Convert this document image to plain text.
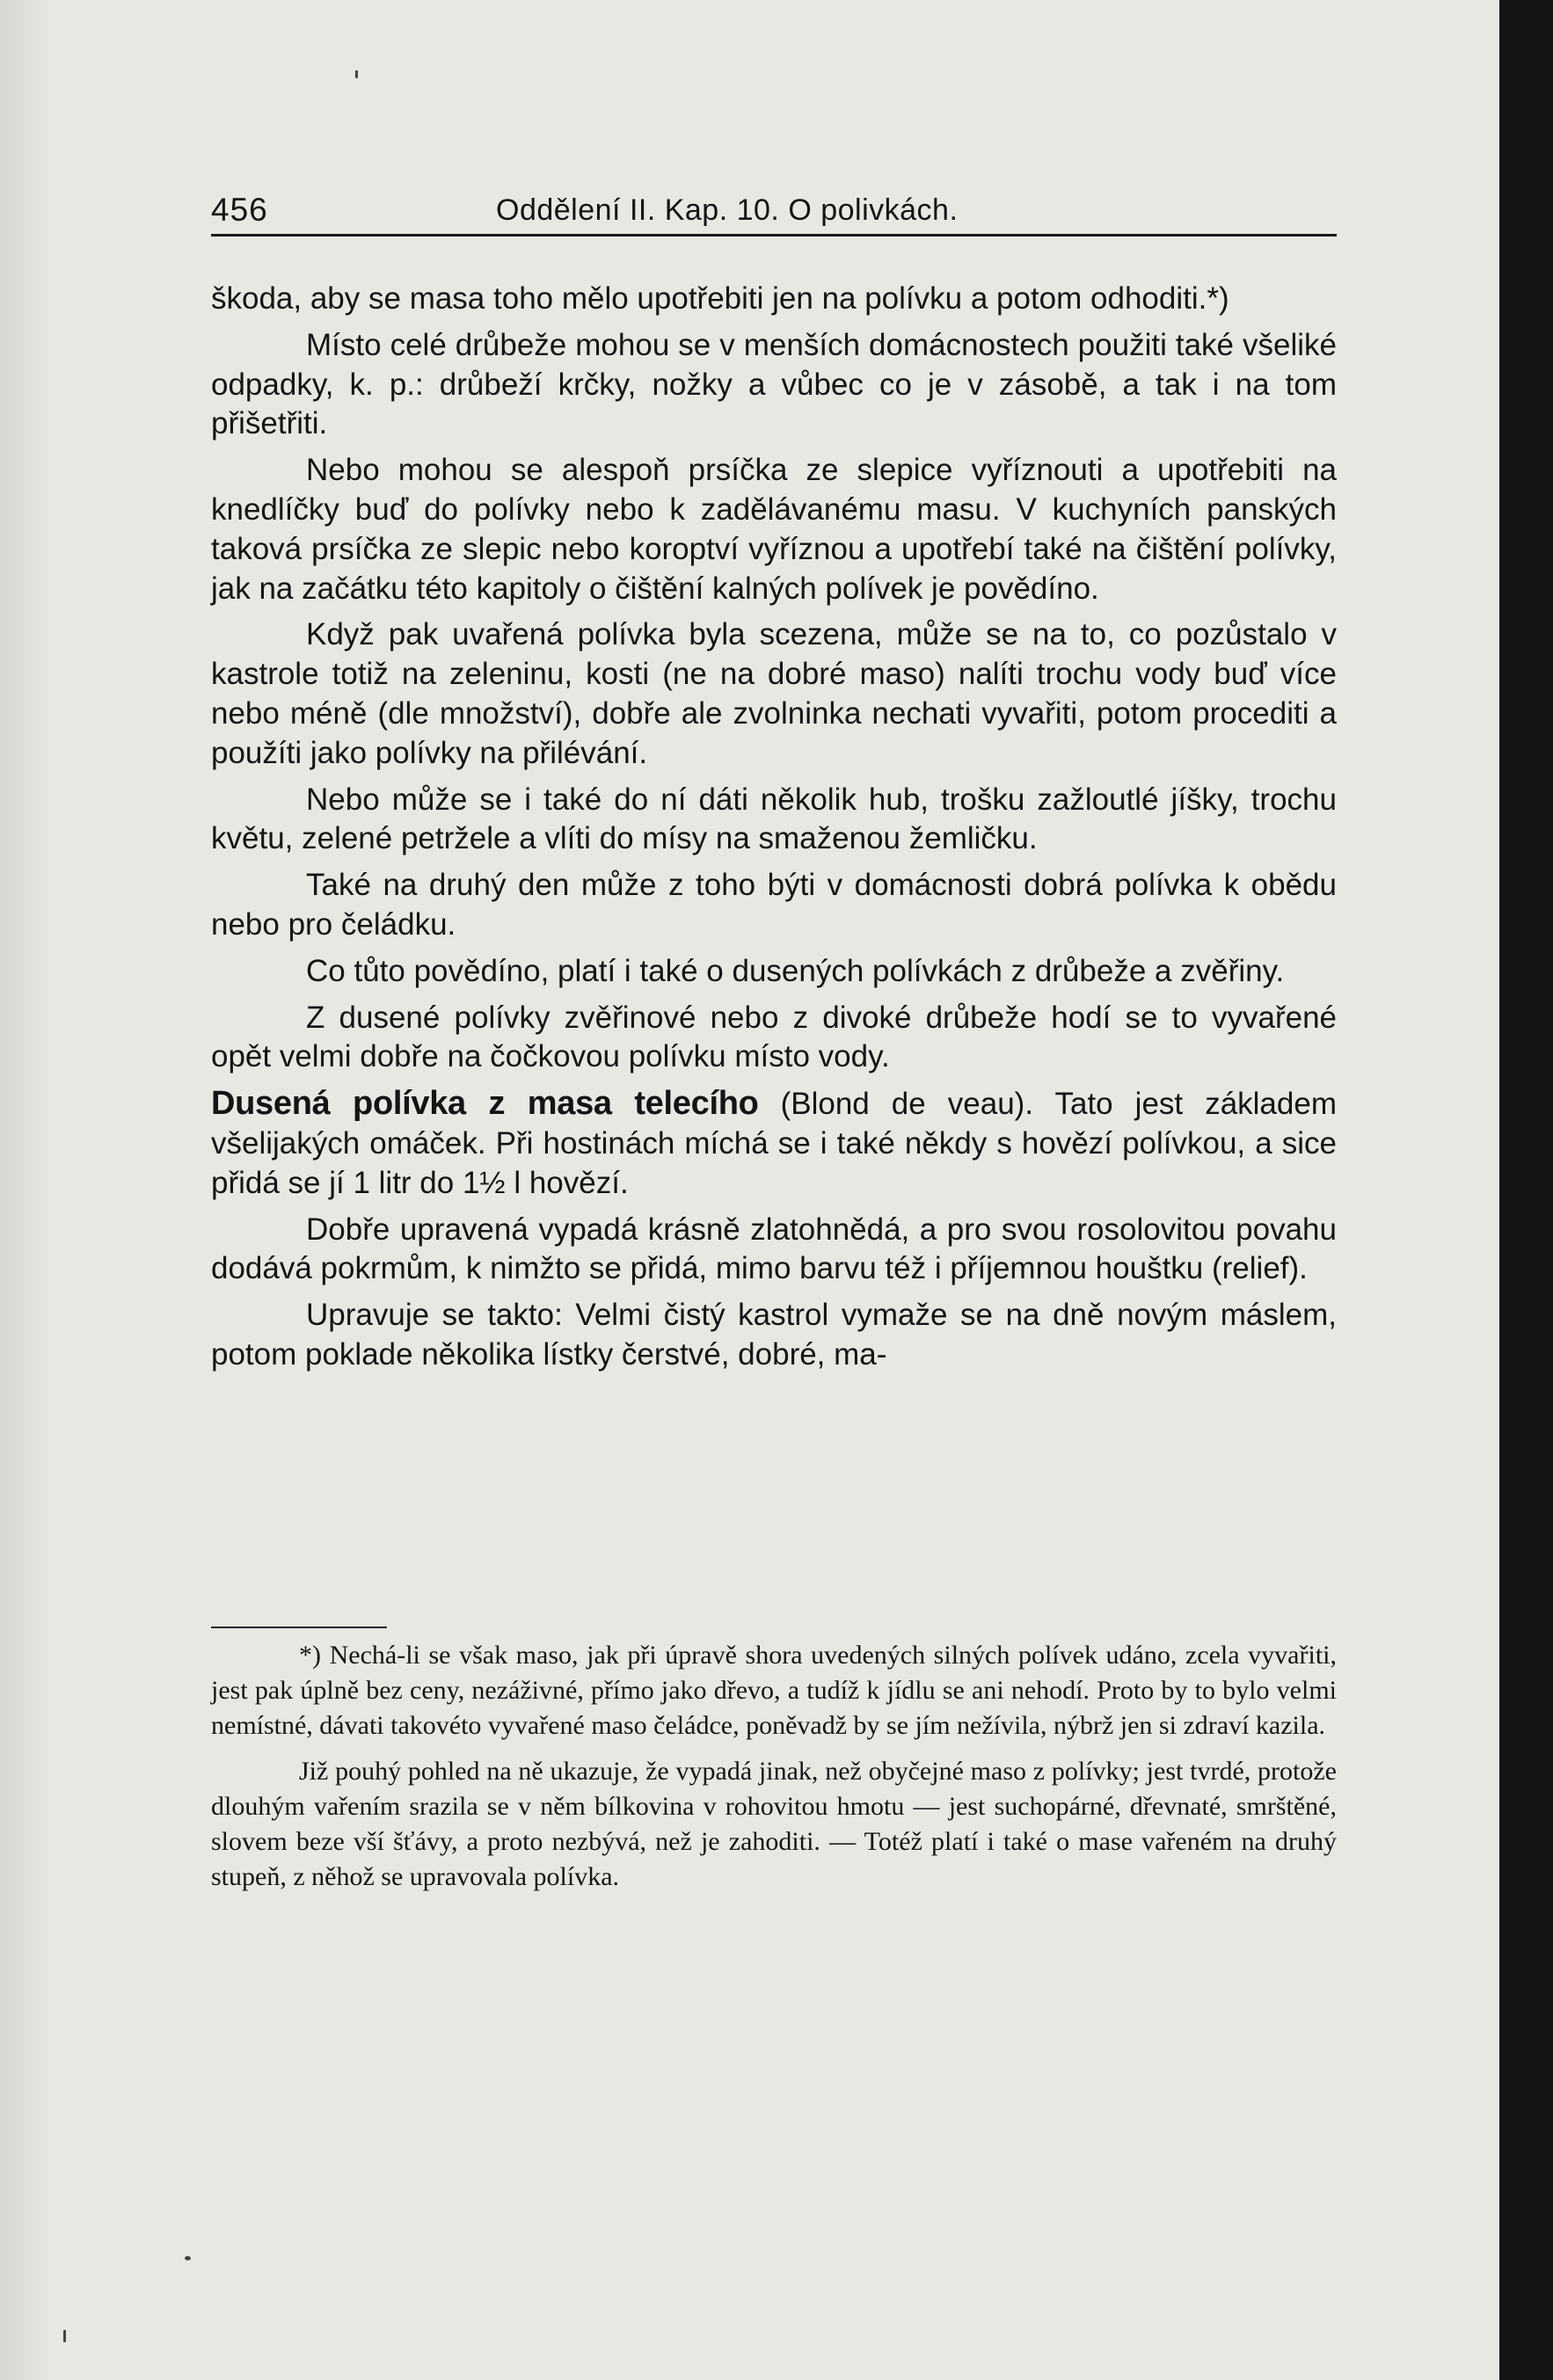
456	Oddělení II. Kap. 10. O polivkách.

škoda, aby se masa toho mělo upotřebiti jen na polívku a potom odhoditi.*)

Místo celé drůbeže mohou se v menších domácnostech použiti také všeliké odpadky, k. p.: drůbeží krčky, nožky a vůbec co je v zásobě, a tak i na tom přišetřiti.

Nebo mohou se alespoň prsíčka ze slepice vyříznouti a upotřebiti na knedlíčky buď do polívky nebo k zadělávanému masu. V kuchyních panských taková prsíčka ze slepic nebo koroptví vyříznou a upotřebí také na čištění polívky, jak na začátku této kapitoly o čištění kalných polívek je povědíno.

Když pak uvařená polívka byla scezena, může se na to, co pozůstalo v kastrole totiž na zeleninu, kosti (ne na dobré maso) nalíti trochu vody buď více nebo méně (dle množství), dobře ale zvolninka nechati vyvařiti, potom procediti a použíti jako polívky na přilévání.

Nebo může se i také do ní dáti několik hub, trošku zažloutlé jíšky, trochu květu, zelené petržele a vlíti do mísy na smaženou žemličku.

Také na druhý den může z toho býti v domácnosti dobrá polívka k obědu nebo pro čeládku.

Co tůto povědíno, platí i také o dusených polívkách z drůbeže a zvěřiny.

Z dusené polívky zvěřinové nebo z divoké drůbeže hodí se to vyvařené opět velmi dobře na čočkovou polívku místo vody.

Dusená polívka z masa telecího (Blond de veau). Tato jest základem všelijakých omáček. Při hostinách míchá se i také někdy s hovězí polívkou, a sice přidá se jí 1 litr do 1½ l hovězí.

Dobře upravená vypadá krásně zlatohnědá, a pro svou rosolovitou povahu dodává pokrmům, k nimžto se přidá, mimo barvu též i příjemnou houštku (relief).

Upravuje se takto: Velmi čistý kastrol vymaže se na dně novým máslem, potom poklade několika lístky čerstvé, dobré, ma-

*) Nechá-li se však maso, jak při úpravě shora uvedených silných polívek udáno, zcela vyvařiti, jest pak úplně bez ceny, nezáživné, přímo jako dřevo, a tudíž k jídlu se ani nehodí. Proto by to bylo velmi nemístné, dávati takovéto vyvařené maso čeládce, poněvadž by se jím nežívila, nýbrž jen si zdraví kazila.

Již pouhý pohled na ně ukazuje, že vypadá jinak, než obyčejné maso z polívky; jest tvrdé, protože dlouhým vařením srazila se v něm bílkovina v rohovitou hmotu — jest suchopárné, dřevnaté, smrštěné, slovem beze vší šťávy, a proto nezbývá, než je zahoditi. — Totéž platí i také o mase vařeném na druhý stupeň, z něhož se upravovala polívka.
